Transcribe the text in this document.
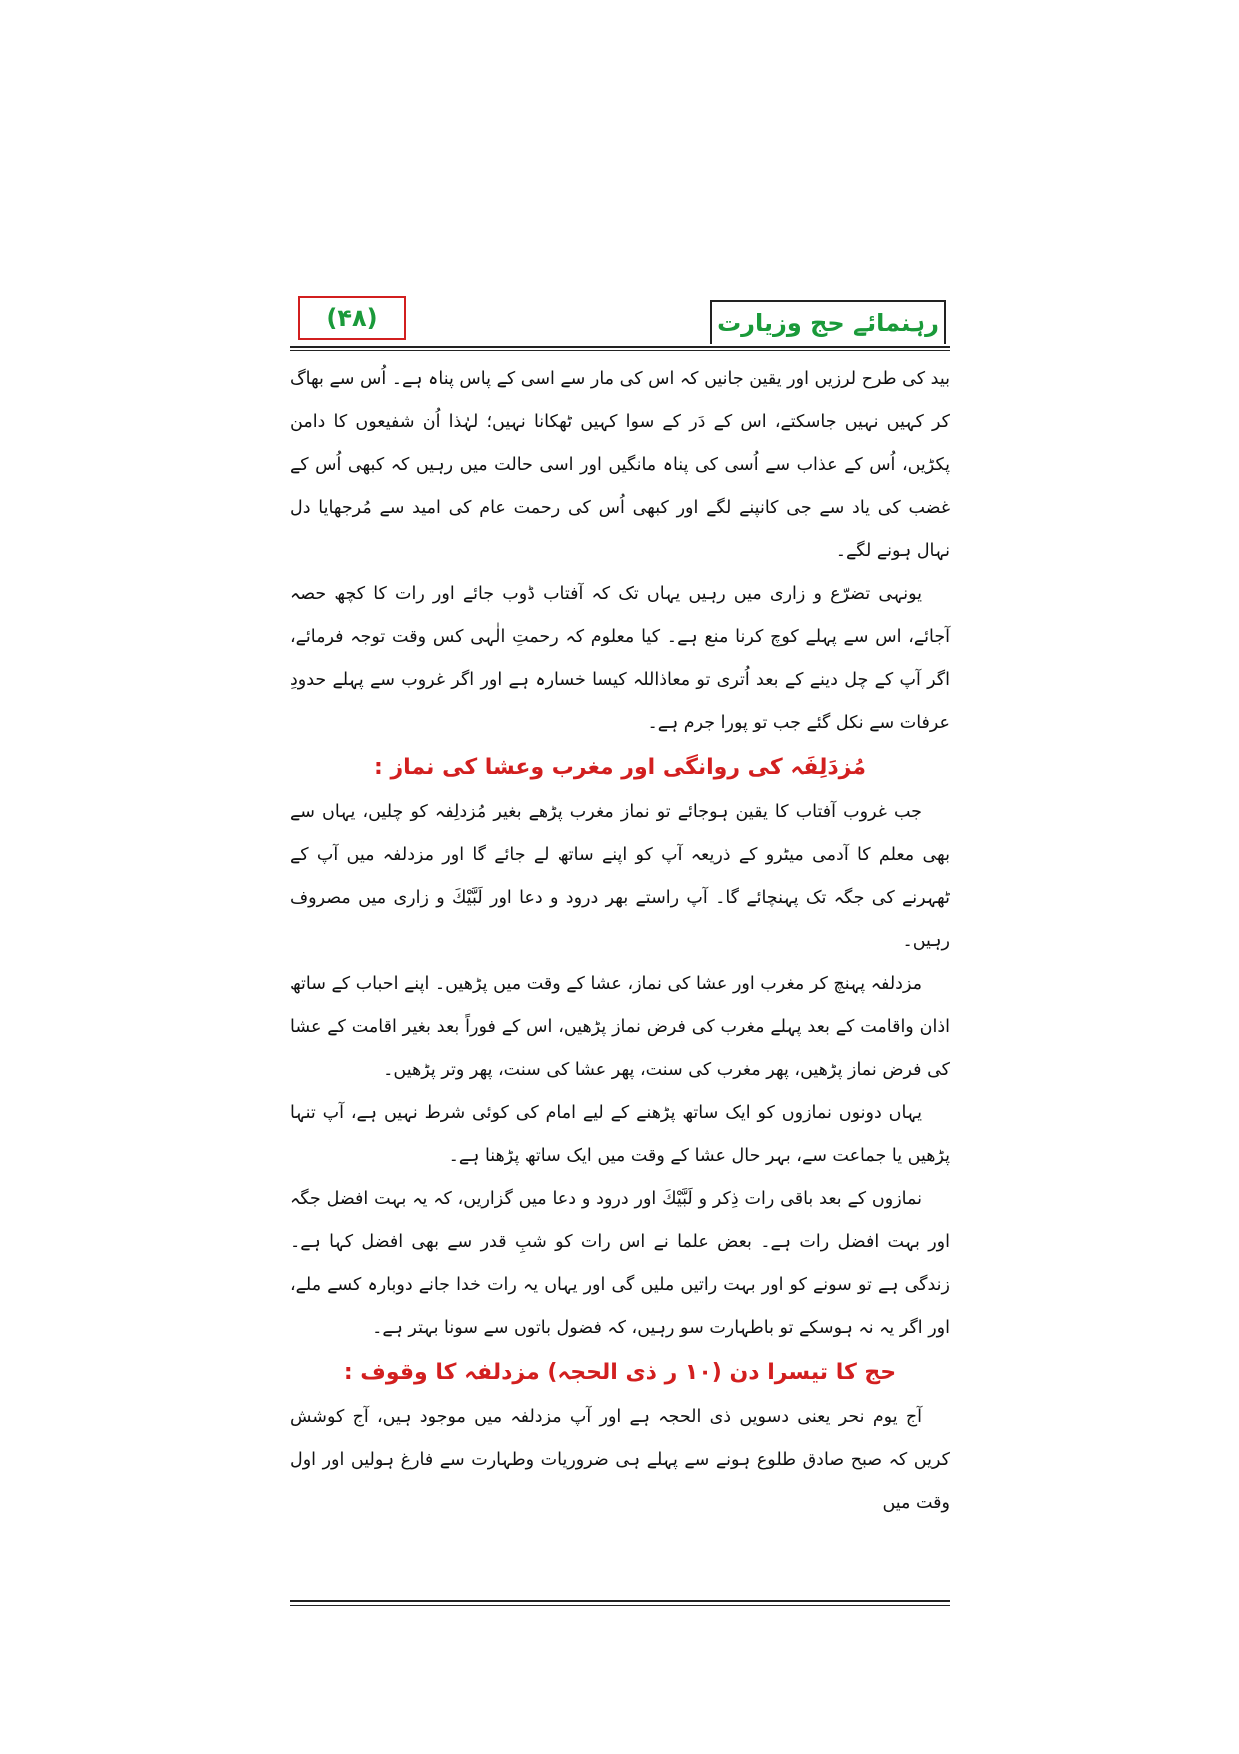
(۴۸)	رہنمائے حج وزیارت

بید کی طرح لرزیں اور یقین جانیں کہ اس کی مار سے اسی کے پاس پناہ ہے۔ اُس سے بھاگ کر کہیں نہیں جاسکتے، اس کے دَر کے سوا کہیں ٹھکانا نہیں؛ لہٰذا اُن شفیعوں کا دامن پکڑیں، اُس کے عذاب سے اُسی کی پناہ مانگیں اور اسی حالت میں رہیں کہ کبھی اُس کے غضب کی یاد سے جی کانپنے لگے اور کبھی اُس کی رحمت عام کی امید سے مُرجھایا دل نہال ہونے لگے۔

یونہی تضرّع و زاری میں رہیں یہاں تک کہ آفتاب ڈوب جائے اور رات کا کچھ حصہ آجائے، اس سے پہلے کوچ کرنا منع ہے۔ کیا معلوم کہ رحمتِ الٰہی کس وقت توجہ فرمائے، اگر آپ کے چل دینے کے بعد اُتری تو معاذاللہ کیسا خسارہ ہے اور اگر غروب سے پہلے حدودِ عرفات سے نکل گئے جب تو پورا جرم ہے۔

مُزدَلِفَہ کی روانگی اور مغرب وعشا کی نماز :

جب غروب آفتاب کا یقین ہوجائے تو نماز مغرب پڑھے بغیر مُزدلِفہ کو چلیں، یہاں سے بھی معلم کا آدمی میٹرو کے ذریعہ آپ کو اپنے ساتھ لے جائے گا اور مزدلفہ میں آپ کے ٹھہرنے کی جگہ تک پہنچائے گا۔ آپ راستے بھر درود و دعا اور لَبَّیْكَ و زاری میں مصروف رہیں۔

مزدلفہ پہنچ کر مغرب اور عشا کی نماز، عشا کے وقت میں پڑھیں۔ اپنے احباب کے ساتھ اذان واقامت کے بعد پہلے مغرب کی فرض نماز پڑھیں، اس کے فوراً بعد بغیر اقامت کے عشا کی فرض نماز پڑھیں، پھر مغرب کی سنت، پھر عشا کی سنت، پھر وتر پڑھیں۔

یہاں دونوں نمازوں کو ایک ساتھ پڑھنے کے لیے امام کی کوئی شرط نہیں ہے، آپ تنہا پڑھیں یا جماعت سے، بہر حال عشا کے وقت میں ایک ساتھ پڑھنا ہے۔

نمازوں کے بعد باقی رات ذِکر و لَبَّیْكَ اور درود و دعا میں گزاریں، کہ یہ بہت افضل جگہ اور بہت افضل رات ہے۔ بعض علما نے اس رات کو شبِ قدر سے بھی افضل کہا ہے۔ زندگی ہے تو سونے کو اور بہت راتیں ملیں گی اور یہاں یہ رات خدا جانے دوبارہ کسے ملے، اور اگر یہ نہ ہوسکے تو باطہارت سو رہیں، کہ فضول باتوں سے سونا بہتر ہے۔

حج کا تیسرا دن (۱۰ ر ذی الحجہ) مزدلفہ کا وقوف :

آج یوم نحر یعنی دسویں ذی الحجہ ہے اور آپ مزدلفہ میں موجود ہیں، آج کوشش کریں کہ صبح صادق طلوع ہونے سے پہلے ہی ضروریات وطہارت سے فارغ ہولیں اور اول وقت میں
